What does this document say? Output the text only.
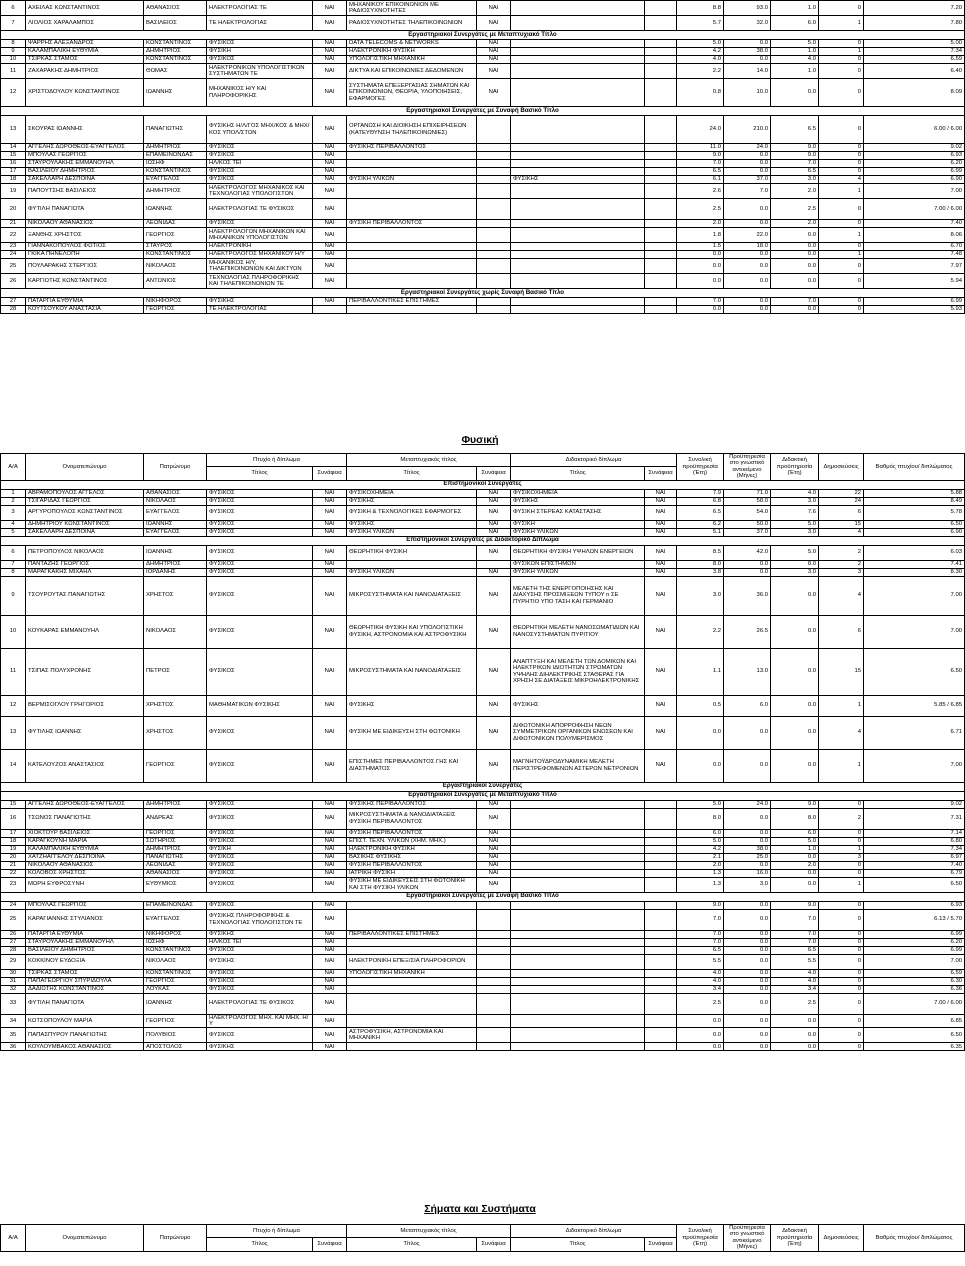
6	ΑΧΕΙΛΑΣ ΚΩΝΣΤΑΝΤΙΝΟΣ	ΑΘΑΝΑΣΙΟΣ	ΗΛΕΚΤΡΟΛΟΓΙΑΣ ΤΕ	ΝΑΙ	ΜΗΧΑΝΙΚΟΥ ΕΠΙΚΟΙΝΩΝΙΩΝ ΜΕ ΡΑΔΙΟΣΥΧΝΟΤΗΤΕΣ	ΝΑΙ			8.8	93.0	1.0	0	7.20
7	ΛΙΟΛΙΟΣ ΧΑΡΑΛΑΜΠΟΣ	ΒΑΣΙΛΕΙΟΣ	ΤΕ ΗΛΕΚΤΡΟΛΟΓΙΑΣ	ΝΑΙ	ΡΑΔΙΟΣΥΧΝΟΤΗΤΕΣ ΤΗΛΕΠΙΚΟΙΝΩΝΙΩΝ	ΝΑΙ			5.7	32.0	6.0	1	7.80
Εργαστηριακοί Συνεργάτες με Μεταπτυχιακό Τίτλο													
8	ΨΑΡΡΗΣ ΑΛΕΞΑΝΔΡΟΣ	ΚΩΝΣΤΑΝΤΙΝΟΣ	ΦΥΣΙΚΟΣ	ΝΑΙ	DATA TELECOMS & NETWORKS	ΝΑΙ			5.0	0.0	5.0	0	5.00
9	ΚΑΛΑΜΠΑΛΙΚΗ ΕΥΘΥΜΙΑ	ΔΗΜΗΤΡΙΟΣ	ΦΥΣΙΚΗ	ΝΑΙ	ΗΛΕΚΤΡΟΝΙΚΗ ΦΥΣΙΚΗ	ΝΑΙ			4.2	38.0	1.0	1	7.34
10	ΤΣΙΡΚΑΣ ΣΤΑΜΟΣ	ΚΩΝΣΤΑΝΤΙΝΟΣ	ΦΥΣΙΚΟΣ	ΝΑΙ	ΥΠΟΛΟΓΙΣΤΙΚΗ ΜΗΧΑΝΙΚΗ	ΝΑΙ			4.0	0.0	4.0	0	6.59
11	ΖΑΧΑΡΑΚΗΣ ΔΗΜΗΤΡΙΟΣ	ΘΩΜΑΣ	ΗΛΕΚΤΡΟΝΙΚΩΝ ΥΠΟΛΟΓΙΣΤΙΚΩΝ ΣΥΣΤΗΜΑΤΩΝ ΤΕ	ΝΑΙ	ΔΙΚΤΥΑ ΚΑΙ ΕΠΙΚΟΙΝΩΝΙΕΣ ΔΕΔΟΜΕΝΩΝ	ΝΑΙ			2.2	14.0	1.0	0	6.40
12	ΧΡΙΣΤΟΔΟΥΛΟΥ ΚΩΝΣΤΑΝΤΙΝΟΣ	ΙΩΑΝΝΗΣ	ΜΗΧΑΝΙΚΟΣ Η/Υ ΚΑΙ ΠΛΗΡΟΦΟΡΙΚΗΣ	ΝΑΙ	ΣΥΣΤΗΜΑΤΑ ΕΠΕΞΕΡΓΑΣΙΑΣ ΣΗΜΑΤΩΝ ΚΑΙ ΕΠΙΚΟΙΝΩΝΙΩΝ, ΘΕΩΡΙΑ, ΥΛΟΠΟΙΗΣΕΙΣ, ΕΦΑΡΜΟΓΕΣ	ΝΑΙ			0.8	10.0	0.0	0	8.09
Εργαστηριακοί Συνεργάτες με Συναφή Βασικό Τίτλο													
13	ΣΚΟΥΡΑΣ ΙΩΑΝΝΗΣ	ΠΑΝΑΓΙΩΤΗΣ	ΦΥΣΙΚΗΣ Η/Λ/ΓΟΣ ΜΗΧ/ΚΟΣ & ΜΗΧ/ΚΟΣ ΥΠΟΛ/ΣΤΩΝ	ΝΑΙ	ΟΡΓΑΝΩΣΗ ΚΑΙ ΔΙΟΙΚΗΣΗ ΕΠΙΧΕΙΡΗΣΕΩΝ (ΚΑΤΕΥΘΥΝΣΗ ΤΗΛΕΠΙΚΟΙΝΩΝΙΕΣ)				24.0	210.0	6.5	0	6.00 / 6.00
14	ΑΓΓΕΛΗΣ ΔΩΡΟΘΕΟΣ-ΕΥΑΓΓΕΛΟΣ	ΔΗΜΗΤΡΙΟΣ	ΦΥΣΙΚΟΣ	ΝΑΙ	ΦΥΣΙΚΗΣ ΠΕΡΙΒΑΛΛΟΝΤΟΣ				11.0	24.0	9.0	0	9.02
15	ΜΠΟΥΛΑΣ ΓΕΩΡΓΙΟΣ	ΕΠΑΜΕΙΝΩΝΔΑΣ	ΦΥΣΙΚΟΣ	ΝΑΙ					9.0	0.0	9.0	0	6.93
16	ΣΤΑΥΡΟΥΛΑΚΗΣ ΕΜΜΑΝΟΥΗΛ	ΙΩΣΗΦ	ΗΛ/ΚΟΣ ΤΕΙ	ΝΑΙ					7.0	0.0	7.0	0	6.20
17	ΒΑΣΙΛΕΙΟΥ ΔΗΜΗΤΡΙΟΣ	ΚΩΝΣΤΑΝΤΙΝΟΣ	ΦΥΣΙΚΟΣ	ΝΑΙ					6.5	0.0	6.5	0	6.99
18	ΣΑΚΕΛΛΑΡΗ ΔΕΣΠΟΙΝΑ	ΕΥΑΓΓΕΛΟΣ	ΦΥΣΙΚΟΣ	ΝΑΙ	ΦΥΣΙΚΗ ΥΛΙΚΩΝ		ΦΥΣΙΚΗΣ		6.1	37.0	3.0	4	6.90
19	ΠΑΠΟΥΤΣΗΣ ΒΑΣΙΛΕΙΟΣ	ΔΗΜΗΤΡΙΟΣ	ΗΛΕΚΤΡΟΛΟΓΟΣ ΜΗΧΑΝΙΚΟΣ ΚΑΙ ΤΕΧΝΟΛΟΓΙΑΣ ΥΠΟΛΟΓΙΣΤΩΝ	ΝΑΙ					2.6	7.0	2.0	1	7.00
20	ΦΥΤΙΛΗ ΠΑΝΑΓΙΩΤΑ	ΙΩΑΝΝΗΣ	ΗΛΕΚΤΡΟΛΟΓΙΑΣ ΤΕ ΦΥΣΙΚΟΣ	ΝΑΙ					2.5	0.0	2.5	0	7.00 / 6.00
21	ΝΙΚΟΛΑΟΥ ΑΘΑΝΑΣΙΟΣ	ΛΕΩΝΙΔΑΣ	ΦΥΣΙΚΟΣ	ΝΑΙ	ΦΥΣΙΚΗ ΠΕΡΙΒΑΛΛΟΝΤΟΣ				2.0	0.0	2.0	0	7.40
22	ΞΑΝΘΗΣ ΧΡΗΣΤΟΣ	ΓΕΩΡΓΙΟΣ	ΗΛΕΚΤΡΟΛΟΓΩΝ ΜΗΧΑΝΙΚΩΝ ΚΑΙ ΜΗΧΑΝΙΚΩΝ ΥΠΟΛΟΓΙΣΤΩΝ	ΝΑΙ					1.8	22.0	0.0	1	8.06
23	ΓΙΑΝΝΑΚΟΠΟΥΛΟΣ ΦΩΤΙΟΣ	ΣΤΑΥΡΟΣ	ΗΛΕΚΤΡΟΝΙΚΗ	ΝΑΙ					1.5	18.0	0.0	0	6.70
24	ΓΚΙΚΑ ΠΗΝΕΛΟΠΗ	ΚΩΝΣΤΑΝΤΙΝΟΣ	ΗΛΕΚΤΡΟΛΟΓΟΣ ΜΗΧΑΝΙΚΟΥ Η/Υ	ΝΑΙ					0.0	0.0	0.0	1	7.48
25	ΠΟΥΛΑΡΑΚΗΣ ΣΤΕΡΓΙΟΣ	ΝΙΚΟΛΑΟΣ	ΜΗΧΑΝΙΚΟΣ Η/Υ, ΤΗΛΕΠΙΚΟΙΝΩΝΙΩΝ ΚΑΙ ΔΙΚΤΥΩΝ	ΝΑΙ					0.0	0.0	0.0	0	7.97
26	ΚΑΡΓΙΩΤΗΣ ΚΩΝΣΤΑΝΤΙΝΟΣ	ΑΝΤΩΝΙΟΣ	ΤΕΧΝΟΛΟΓΙΑΣ ΠΛΗΡΟΦΟΡΙΚΗΣ ΚΑΙ ΤΗΛΕΠΙΚΟΙΝΩΝΙΩΝ ΤΕ	ΝΑΙ					0.0	0.0	0.0	0	5.94
Εργαστηριακοί Συνεργάτες χωρίς Συναφή Βασικό Τίτλο													
27	ΠΑΤΑΡΓΙΑ ΕΥΘΥΜΙΑ	ΝΙΚΗΦΟΡΟΣ	ΦΥΣΙΚΗΣ	ΝΑΙ	ΠΕΡΙΒΑΛΛΟΝΤΙΚΕΣ ΕΠΙΣΤΗΜΕΣ				7.0	0.0	7.0	0	6.99
28	ΚΟΥΤΣΟΥΚΟΥ ΑΝΑΣΤΑΣΙΑ	ΓΕΩΡΓΙΟΣ	ΤΕ ΗΛΕΚΤΡΟΛΟΓΙΑΣ						0.0	0.0	0.0	0	5.93
Φυσική
Α/Α	Ονοματεπώνυμο	Πατρώνυμο	Πτυχίο ή δίπλωμα		Μεταπτυχιακός τίτλος		Διδακτορικό δίπλωμα		Συνολική προϋπηρεσία (Έτη)	Προϋπηρεσία στο γνωστικό αντικείμενο (Μήνες)	Διδακτική προϋπηρεσία (Έτη)	Δημοσιεύσεις	Βαθμός πτυχίου/ διπλώματος
			Τίτλος	Συνάφεια	Τίτλος	Συνάφεια	Τίτλος	Συνάφεια					
Επιστημονικοί Συνεργάτες													
1	ΑΒΡΑΜΟΠΟΥΛΟΣ ΑΓΓΕΛΟΣ	ΑΘΑΝΑΣΙΟΣ	ΦΥΣΙΚΟΣ	ΝΑΙ	ΦΥΣΙΚΟΧΗΜΕΙΑ	ΝΑΙ	ΦΥΣΙΚΟΧΗΜΕΙΑ	ΝΑΙ	7.9	71.0	4.0	22	5.88
2	ΤΣΙΓΑΡΙΔΑΣ ΓΕΩΡΓΙΟΣ	ΝΙΚΟΛΑΟΣ	ΦΥΣΙΚΟΣ	ΝΑΙ	ΦΥΣΙΚΗΣ	ΝΑΙ	ΦΥΣΙΚΗΣ	ΝΑΙ	6.8	58.0	3.0	24	8.49
3	ΑΡΓΥΡΟΠΟΥΛΟΣ ΚΩΝΣΤΑΝΤΙΝΟΣ	ΕΥΑΓΓΕΛΟΣ	ΦΥΣΙΚΟΣ	ΝΑΙ	ΦΥΣΙΚΗ & ΤΕΧΝΟΛΟΓΙΚΕΣ ΕΦΑΡΜΟΓΕΣ	ΝΑΙ	ΦΥΣΙΚΗ ΣΤΕΡΕΑΣ ΚΑΤΑΣΤΑΣΗΣ	ΝΑΙ	6.5	54.0	7.6	6	5.78
4	ΔΗΜΗΤΡΙΟΥ ΚΩΝΣΤΑΝΤΙΝΟΣ	ΙΩΑΝΝΗΣ	ΦΥΣΙΚΟΣ	ΝΑΙ	ΦΥΣΙΚΗΣ	ΝΑΙ	ΦΥΣΙΚΗ	ΝΑΙ	6.2	50.0	5.0	15	6.50
5	ΣΑΚΕΛΛΑΡΗ ΔΕΣΠΟΙΝΑ	ΕΥΑΓΓΕΛΟΣ	ΦΥΣΙΚΟΣ	ΝΑΙ	ΦΥΣΙΚΗ ΥΛΙΚΩΝ	ΝΑΙ	ΦΥΣΙΚΗ ΥΛΙΚΩΝ	ΝΑΙ	5.1	37.0	3.0	4	6.90
Επιστημονικοί Συνεργάτες με Διδακτορικό Δίπλωμα													
6	ΠΕΤΡΟΠΟΥΛΟΣ ΝΙΚΟΛΑΟΣ	ΙΩΑΝΝΗΣ	ΦΥΣΙΚΟΣ	ΝΑΙ	ΘΕΩΡΗΤΙΚΗ ΦΥΣΙΚΗ	ΝΑΙ	ΘΕΩΡΗΤΙΚΗ ΦΥΣΙΚΗ ΥΨΗΛΩΝ ΕΝΕΡΓΕΙΩΝ	ΝΑΙ	8.5	42.0	5.0	2	6.03
7	ΠΑΝΤΑΖΗΣ ΓΕΩΡΓΙΟΣ	ΔΗΜΗΤΡΙΟΣ	ΦΥΣΙΚΟΣ	ΝΑΙ			ΦΥΣΙΚΩΝ ΕΠΙΣΤΗΜΩΝ	ΝΑΙ	8.0	0.0	8.0	2	7.41
8	ΜΑΡΑΓΚΑΚΗΣ ΜΙΧΑΗΛ	ΙΟΡΔΑΝΗΣ	ΦΥΣΙΚΟΣ	ΝΑΙ	ΦΥΣΙΚΗ ΥΛΙΚΩΝ	ΝΑΙ	ΦΥΣΙΚΗ ΥΛΙΚΩΝ	ΝΑΙ	3.8	0.0	3.0	3	8.30
9	ΤΣΟΥΡΟΥΤΑΣ ΠΑΝΑΓΙΩΤΗΣ	ΧΡΗΣΤΟΣ	ΦΥΣΙΚΟΣ	ΝΑΙ	ΜΙΚΡΟΣΥΣΤΗΜΑΤΑ ΚΑΙ ΝΑΝΟΔΙΑΤΑΞΕΙΣ	ΝΑΙ	ΜΕΛΕΤΗ ΤΗΣ ΕΝΕΡΓΟΠΟΙΗΣΗΣ ΚΑΙ ΔΙΑΧΥΣΗΣ ΠΡΟΣΜΙΞΕΩΝ ΤΥΠΟΥ n ΣΕ ΠΥΡΗΤΙΟ ΥΠΟ ΤΑΣΗ ΚΑΙ ΓΕΡΜΑΝΙΟ	ΝΑΙ	3.0	36.0	0.0	4	7.00
10	ΚΟΥΚΑΡΑΣ ΕΜΜΑΝΟΥΗΛ	ΝΙΚΟΛΑΟΣ	ΦΥΣΙΚΟΣ	ΝΑΙ	ΘΕΩΡΗΤΙΚΗ ΦΥΣΙΚΗ ΚΑΙ ΥΠΟΛΟΓΙΣΤΙΚΗ ΦΥΣΙΚΗ, ΑΣΤΡΟΝΟΜΙΑ ΚΑΙ ΑΣΤΡΟΦΥΣΙΚΗ	ΝΑΙ	ΘΕΩΡΗΤΙΚΗ ΜΕΛΕΤΗ ΝΑΝΟΣΩΜΑΤΙΔΙΩΝ ΚΑΙ ΝΑΝΟΣΥΣΤΗΜΑΤΩΝ ΠΥΡΙΤΙΟΥ	ΝΑΙ	2.2	26.5	0.0	6	7.00
11	ΤΣΙΠΑΣ ΠΟΛΥΧΡΟΝΗΣ	ΠΕΤΡΟΣ	ΦΥΣΙΚΟΣ	ΝΑΙ	ΜΙΚΡΟΣΥΣΤΗΜΑΤΑ ΚΑΙ ΝΑΝΟΔΙΑΤΑΞΕΙΣ	ΝΑΙ	ΑΝΑΠΤΥΞΗ ΚΑΙ ΜΕΛΕΤΗ ΤΩΝ ΔΟΜΙΚΩΝ ΚΑΙ ΗΛΕΚΤΡΙΚΩΝ ΙΔΙΟΤΗΤΩΝ ΣΤΡΩΜΑΤΩΝ ΥΨΗΛΗΣ ΔΙΗΛΕΚΤΡΙΚΗΣ ΣΤΑΘΕΡΑΣ ΓΙΑ ΧΡΗΣΗ ΣΕ ΔΙΑΤΑΞΕΙΣ ΜΙΚΡΟΗΛΕΚΤΡΟΝΙΚΗΣ	ΝΑΙ	1.1	13.0	0.0	15	6.50
12	ΒΕΡΜΙΣΟΓΛΟΥ ΓΡΗΓΟΡΙΟΣ	ΧΡΗΣΤΟΣ	ΜΑΘΗΜΑΤΙΚΩΝ ΦΥΣΙΚΗΣ	ΝΑΙ	ΦΥΣΙΚΗΣ	ΝΑΙ	ΦΥΣΙΚΗΣ	ΝΑΙ	0.5	6.0	0.0	1	5.85 / 6.85
13	ΦΥΤΙΛΗΣ ΙΩΑΝΝΗΣ	ΧΡΗΣΤΟΣ	ΦΥΣΙΚΟΣ	ΝΑΙ	ΦΥΣΙΚΗ ΜΕ ΕΙΔΙΚΕΥΣΗ ΣΤΗ ΦΩΤΟΝΙΚΗ	ΝΑΙ	ΔΙΦΩΤΟΝΙΚΗ ΑΠΟΡΡΟΦΗΣΗ ΝΕΩΝ ΣΥΜΜΕΤΡΙΚΩΝ ΟΡΓΑΝΙΚΩΝ ΕΝΩΣΕΩΝ ΚΑΙ ΔΙΦΩΤΟΝΙΚΩΝ ΠΟΛΥΜΕΡΙΣΜΟΣ	ΝΑΙ	0.0	0.0	0.0	4	6.71
14	ΚΑΤΕΛΟΥΖΟΣ ΑΝΑΣΤΑΣΙΟΣ	ΓΕΩΡΓΙΟΣ	ΦΥΣΙΚΟΣ	ΝΑΙ	ΕΠΙΣΤΗΜΕΣ ΠΕΡΙΒΑΛΛΟΝΤΟΣ ΓΗΣ ΚΑΙ ΔΙΑΣΤΗΜΑΤΟΣ	ΝΑΙ	ΜΑΓΝΗΤΟΫΔΡΟΔΥΝΑΜΙΚΗ ΜΕΛΕΤΗ ΠΕΡΙΣΤΡΕΦΟΜΕΝΩΝ ΑΣΤΕΡΩΝ ΝΕΤΡΟΝΙΩΝ	ΝΑΙ	0.0	0.0	0.0	1	7.00
Εργαστηριακοί Συνεργάτες													
Εργαστηριακοί Συνεργάτες με Μεταπτυχιακό Τίτλο													
15	ΑΓΓΕΛΗΣ ΔΩΡΟΘΕΟΣ-ΕΥΑΓΓΕΛΟΣ	ΔΗΜΗΤΡΙΟΣ	ΦΥΣΙΚΟΣ	ΝΑΙ	ΦΥΣΙΚΗΣ ΠΕΡΙΒΑΛΛΟΝΤΟΣ	ΝΑΙ			5.0	24.0	9.0	0	9.02
16	ΤΣΩΝΟΣ ΠΑΝΑΓΙΩΤΗΣ	ΑΝΔΡΕΑΣ	ΦΥΣΙΚΟΣ	ΝΑΙ	ΜΙΚΡΟΣΥΣΤΗΜΑΤΑ & ΝΑΝΟΔΙΑΤΑΞΕΙΣ ΦΥΣΙΚΗ ΠΕΡΙΒΑΛΛΟΝΤΟΣ	ΝΑΙ			8.0	0.0	8.0	2	7.31
17	ΧΙΟΚΤΟΥΡ ΒΑΣΙΛΕΙΟΣ	ΓΕΩΡΓΙΟΣ	ΦΥΣΙΚΟΣ	ΝΑΙ	ΦΥΣΙΚΗ ΠΕΡΙΒΑΛΛΟΝΤΟΣ	ΝΑΙ			6.0	0.0	6.0	0	7.14
18	ΚΑΡΑΓΚΟΥΝΗ ΜΑΡΙΑ	ΣΩΤΗΡΙΟΣ	ΦΥΣΙΚΟΣ	ΝΑΙ	ΕΠΙΣΤ. ΤΕΧΝ. ΥΛΙΚΩΝ (ΧΗΜ. ΜΗΧ.)	ΝΑΙ			5.0	0.0	5.0	0	6.80
19	ΚΑΛΑΜΠΑΛΙΚΗ ΕΥΘΥΜΙΑ	ΔΗΜΗΤΡΙΟΣ	ΦΥΣΙΚΗ	ΝΑΙ	ΗΛΕΚΤΡΟΝΙΚΗ ΦΥΣΙΚΗ	ΝΑΙ			4.2	38.0	1.0	1	7.34
20	ΧΑΤΖΗΑΓΓΕΛΟΥ ΔΕΣΠΟΙΝΑ	ΠΑΝΑΓΙΩΤΗΣ	ΦΥΣΙΚΟΣ	ΝΑΙ	ΒΑΣΙΚΗΣ ΦΥΣΙΚΗΣ	ΝΑΙ			2.1	25.0	0.0	3	6.97
21	ΝΙΚΟΛΑΟΥ ΑΘΑΝΑΣΙΟΣ	ΛΕΩΝΙΔΑΣ	ΦΥΣΙΚΟΣ	ΝΑΙ	ΦΥΣΙΚΗ ΠΕΡΙΒΑΛΛΟΝΤΟΣ	ΝΑΙ			2.0	0.0	2.0	0	7.40
22	ΚΟΛΟΒΟΣ ΧΡΗΣΤΟΣ	ΑΘΑΝΑΣΙΟΣ	ΦΥΣΙΚΟΣ	ΝΑΙ	ΙΑΤΡΙΚΗ ΦΥΣΙΚΗ	ΝΑΙ			1.3	16.0	0.0	0	6.79
23	ΜΩΡΗ ΕΥΦΡΟΣΥΝΗ	ΕΥΘΥΜΙΟΣ	ΦΥΣΙΚΟΣ	ΝΑΙ	ΦΥΣΙΚΗ ΜΕ ΕΙΔΙΚΕΥΣΕΙΣ ΣΤΗ ΦΩΤΟΝΙΚΗ ΚΑΙ ΣΤΗ ΦΥΣΙΚΗ ΥΛΙΚΩΝ	ΝΑΙ			1.3	3.0	0.0	1	6.50
Εργαστηριακοί Συνεργάτες με Συναφή Βασικό Τίτλο													
24	ΜΠΟΥΛΑΣ ΓΕΩΡΓΙΟΣ	ΕΠΑΜΕΙΝΩΝΔΑΣ	ΦΥΣΙΚΟΣ	ΝΑΙ					9.0	0.0	9.0	0	6.93
25	ΚΑΡΑΓΙΑΝΝΗΣ ΣΤΥΛΙΑΝΟΣ	ΕΥΑΓΓΕΛΟΣ	ΦΥΣΙΚΗΣ ΠΛΗΡΟΦΟΡΙΚΗΣ & ΤΕΧΝΟΛΟΓΙΑΣ ΥΠΟΛΟΓΙΣΤΩΝ ΤΕ	ΝΑΙ					7.0	0.0	7.0	0	6.13 / 5.70
26	ΠΑΤΑΡΓΙΑ ΕΥΘΥΜΙΑ	ΝΙΚΗΦΟΡΟΣ	ΦΥΣΙΚΗΣ	ΝΑΙ	ΠΕΡΙΒΑΛΛΟΝΤΙΚΕΣ ΕΠΙΣΤΗΜΕΣ				7.0	0.0	7.0	0	6.99
27	ΣΤΑΥΡΟΥΛΑΚΗΣ ΕΜΜΑΝΟΥΗΛ	ΙΩΣΗΦ	ΗΛ/ΚΟΣ ΤΕΙ	ΝΑΙ					7.0	0.0	7.0	0	6.20
28	ΒΑΣΙΛΕΙΟΥ ΔΗΜΗΤΡΙΟΣ	ΚΩΝΣΤΑΝΤΙΝΟΣ	ΦΥΣΙΚΟΣ	ΝΑΙ					6.5	0.0	6.5	0	6.99
29	ΚΟΚΚΙΝΟΥ ΕΥΔΟΞΙΑ	ΝΙΚΟΛΑΟΣ	ΦΥΣΙΚΗΣ	ΝΑΙ	ΗΛΕΚΤΡΟΝΙΚΗ ΕΠΕΞ/ΣΙΑ ΠΛΗΡΟΦΟΡΙΩΝ				5.5	0.0	5.5	0	7.00
30	ΤΣΙΡΚΑΣ ΣΤΑΜΟΣ	ΚΩΝΣΤΑΝΤΙΝΟΣ	ΦΥΣΙΚΟΣ	ΝΑΙ	ΥΠΟΛΟΓΙΣΤΙΚΗ ΜΗΧΑΝΙΚΗ				4.0	0.0	4.0	0	6.59
31	ΠΑΠΑΓΕΩΡΓΙΟΥ ΣΠΥΡΙΔΟΥΛΑ	ΓΕΩΡΓΙΟΣ	ΦΥΣΙΚΟΣ	ΝΑΙ					4.0	0.0	4.0	0	6.30
32	ΔΑΔΙΩΤΗΣ ΚΩΝΣΤΑΝΤΙΝΟΣ	ΛΟΥΚΑΣ	ΦΥΣΙΚΟΣ	ΝΑΙ					3.4	0.0	3.4	0	6.36
33	ΦΥΤΙΛΗ ΠΑΝΑΓΙΩΤΑ	ΙΩΑΝΝΗΣ	ΗΛΕΚΤΡΟΛΟΓΙΑΣ ΤΕ ΦΥΣΙΚΟΣ	ΝΑΙ					2.5	0.0	2.5	0	7.00 / 6.00
34	ΚΩΤΣΟΠΟΥΛΟΥ ΜΑΡΙΑ	ΓΕΩΡΓΙΟΣ	ΗΛΕΚΤΡΟΛΟΓΟΣ ΜΗΧ. ΚΑΙ ΜΗΧ. Η/Υ	ΝΑΙ					0.0	0.0	0.0	0	6.85
35	ΠΑΠΑΣΠΥΡΟΥ ΠΑΝΑΓΙΩΤΗΣ	ΠΟΛΥΒΙΟΣ	ΦΥΣΙΚΟΣ	ΝΑΙ	ΑΣΤΡΟΦΥΣΙΚΗ, ΑΣΤΡΟΝΟΜΙΑ ΚΑΙ ΜΗΧΑΝΙΚΗ				0.0	0.0	0.0	0	6.50
36	ΚΟΥΛΟΥΜΒΑΚΟΣ ΑΘΑΝΑΣΙΟΣ	ΑΠΟΣΤΟΛΟΣ	ΦΥΣΙΚΗΣ	ΝΑΙ					0.0	0.0	0.0	0	6.35
Σήματα και Συστήματα
Α/Α	Ονοματεπώνυμο	Πατρώνυμο	Πτυχίο ή δίπλωμα		Μεταπτυχιακός τίτλος		Διδακτορικό δίπλωμα		Συνολική προϋπηρεσία (Έτη)	Προϋπηρεσία στο γνωστικό αντικείμενο (Μήνες)	Διδακτική προϋπηρεσία (Έτη)	Δημοσιεύσεις	Βαθμός πτυχίου/ διπλώματος
			Τίτλος	Συνάφεια	Τίτλος	Συνάφεια	Τίτλος	Συνάφεια					
